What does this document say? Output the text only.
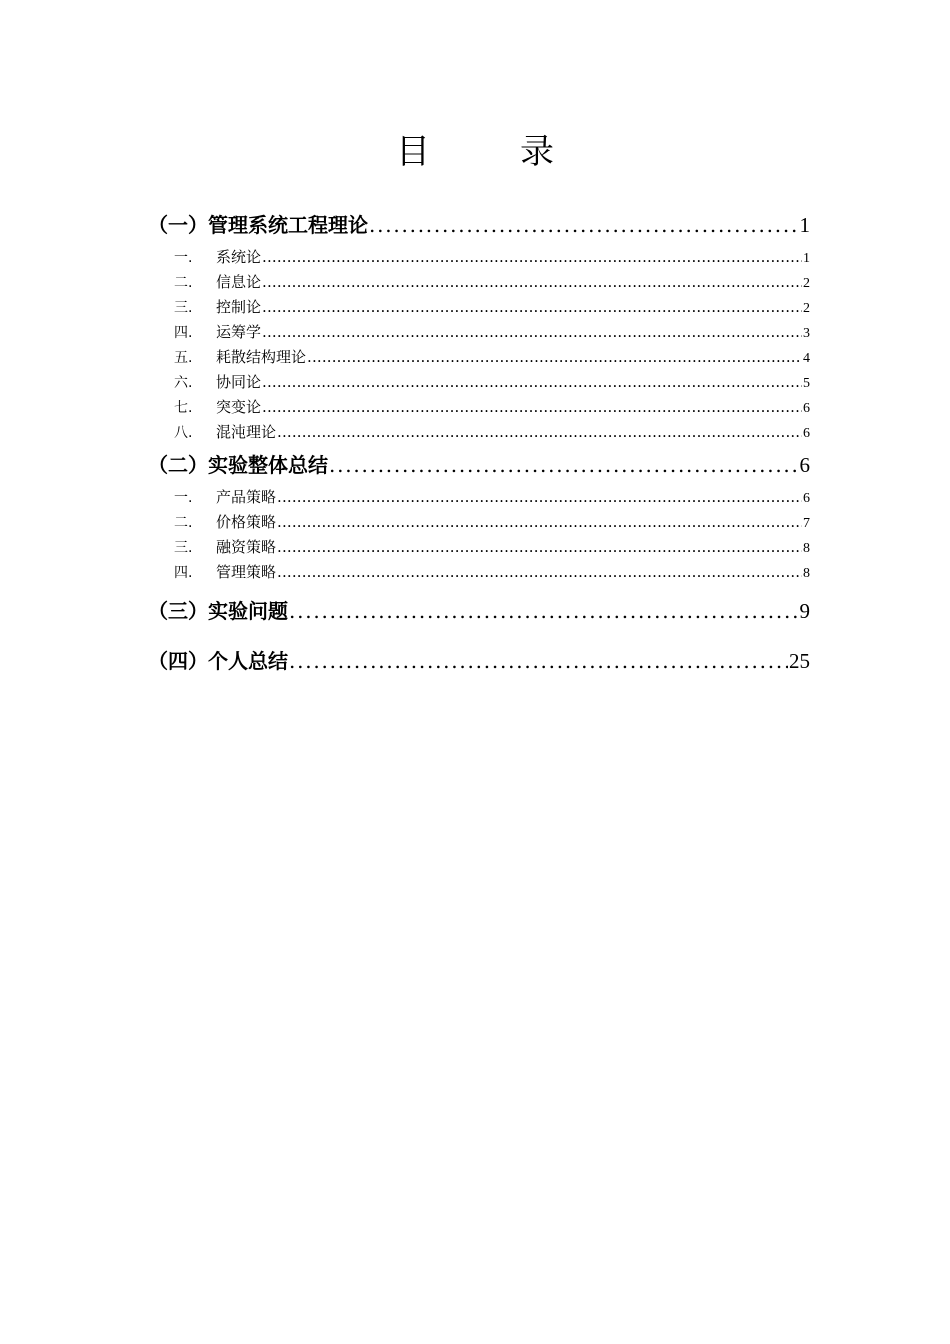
目　录
（一）管理系统工程理论 . . .	1
一.	系统论 . . .	1
二.	信息论 . . .	2
三.	控制论 . . .	2
四.	运筹学 . . .	3
五.	耗散结构理论 . . .	4
六.	协同论 . . .	5
七.	突变论 . . .	6
八.	混沌理论 . . .	6
（二）实验整体总结 . . .	6
一.	产品策略 . . .	6
二.	价格策略 . . .	7
三.	融资策略 . . .	8
四.	管理策略 . . .	8
（三）实验问题 . . .	9
（四）个人总结 . . .	25
